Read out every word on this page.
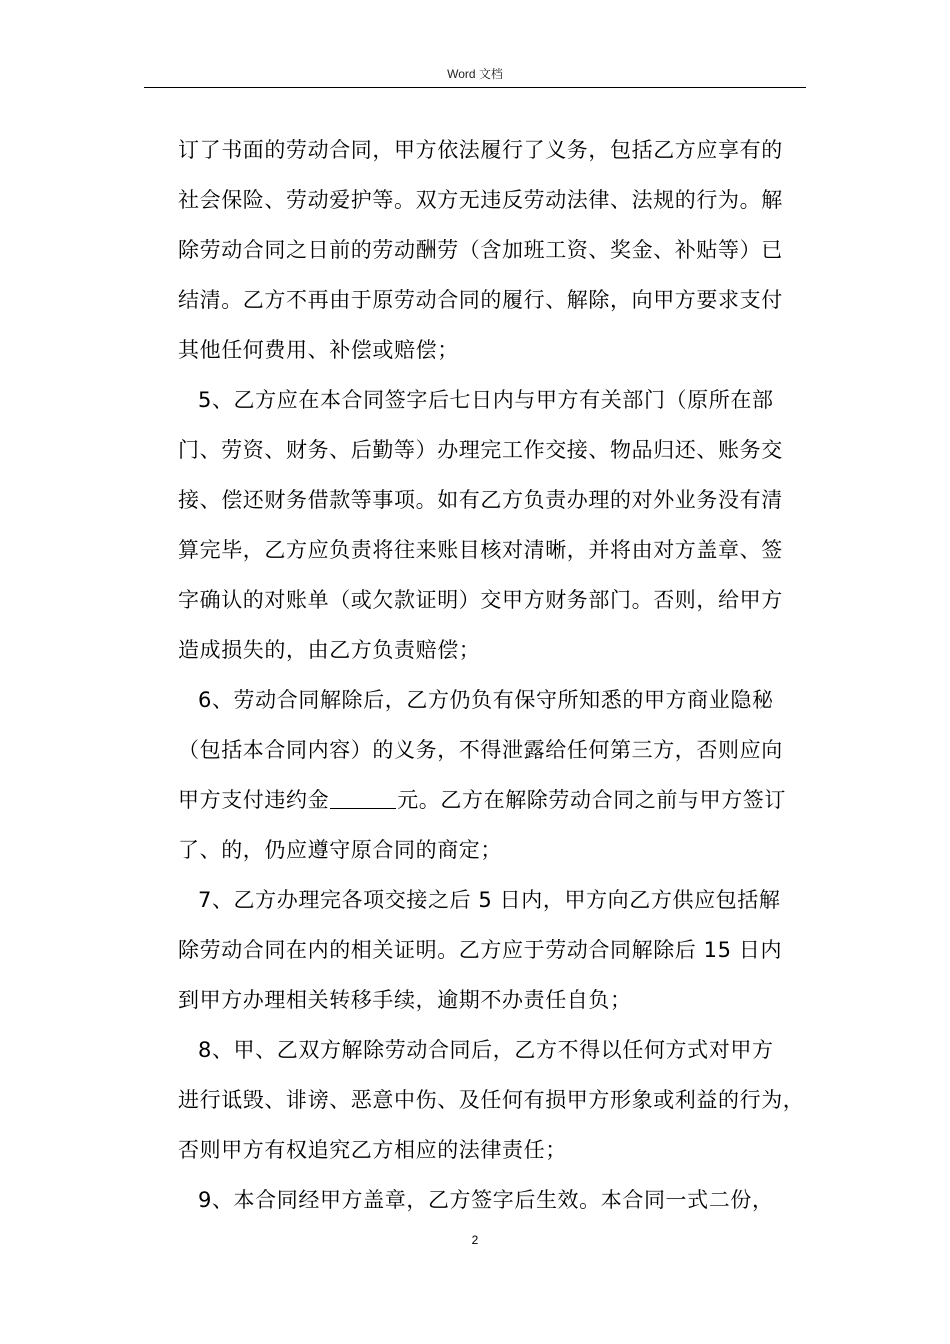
Word 文档
订了书面的劳动合同，甲方依法履行了义务，包括乙方应享有的
社会保险、劳动爱护等。双方无违反劳动法律、法规的行为。解
除劳动合同之日前的劳动酬劳（含加班工资、奖金、补贴等）已
结清。乙方不再由于原劳动合同的履行、解除，向甲方要求支付
其他任何费用、补偿或赔偿；
5、乙方应在本合同签字后七日内与甲方有关部门（原所在部
门、劳资、财务、后勤等）办理完工作交接、物品归还、账务交
接、偿还财务借款等事项。如有乙方负责办理的对外业务没有清
算完毕，乙方应负责将往来账目核对清晰，并将由对方盖章、签
字确认的对账单（或欠款证明）交甲方财务部门。否则，给甲方
造成损失的，由乙方负责赔偿；
6、劳动合同解除后，乙方仍负有保守所知悉的甲方商业隐秘
（包括本合同内容）的义务，不得泄露给任何第三方，否则应向
甲方支付违约金	元。乙方在解除劳动合同之前与甲方签订
了、的，仍应遵守原合同的商定；
7、乙方办理完各项交接之后 5 日内，甲方向乙方供应包括解
除劳动合同在内的相关证明。乙方应于劳动合同解除后 15 日内
到甲方办理相关转移手续，逾期不办责任自负；
8、甲、乙双方解除劳动合同后，乙方不得以任何方式对甲方
进行诋毁、诽谤、恶意中伤、及任何有损甲方形象或利益的行为，
否则甲方有权追究乙方相应的法律责任；
9、本合同经甲方盖章，乙方签字后生效。本合同一式二份，
2
